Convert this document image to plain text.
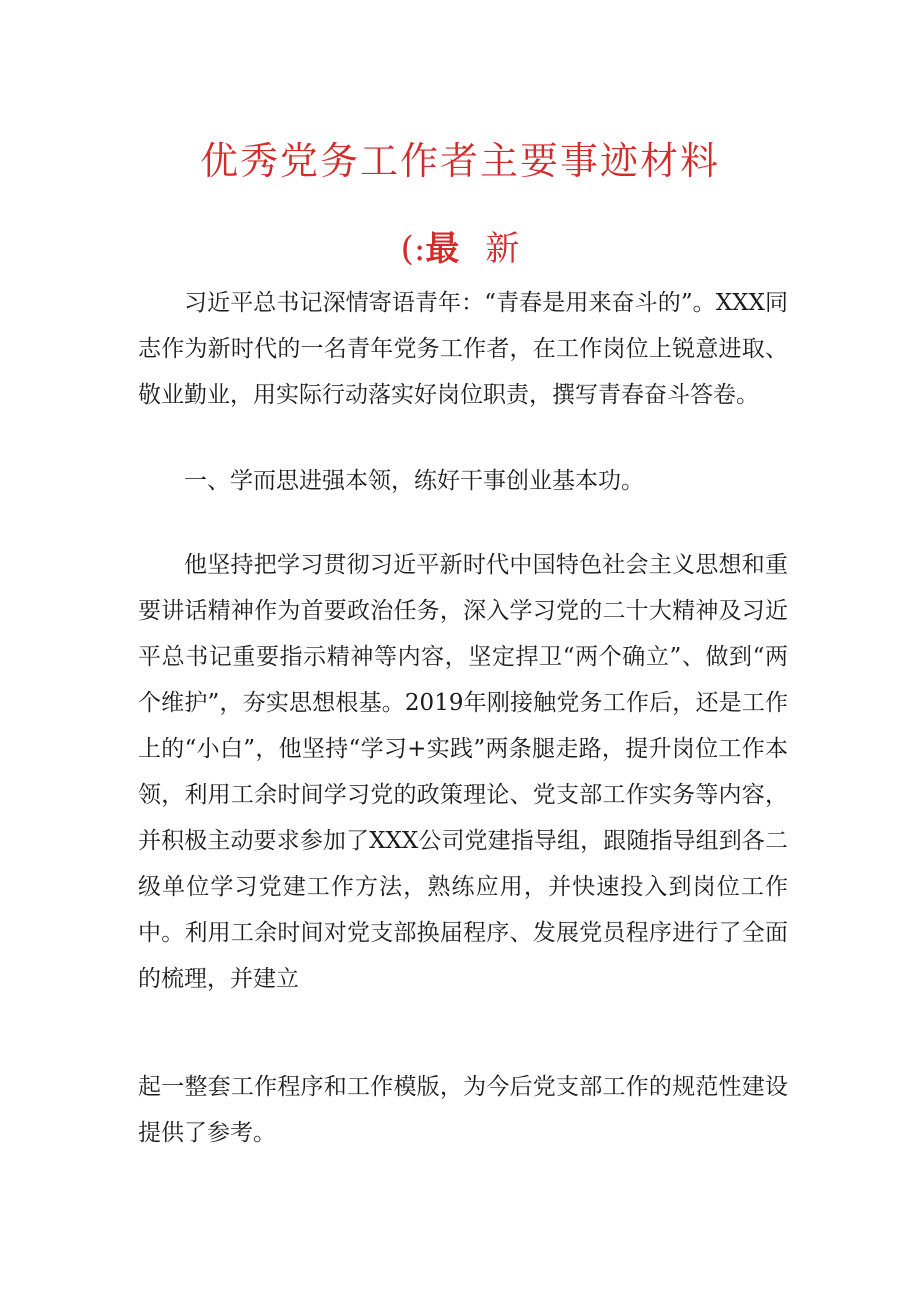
优秀党务工作者主要事迹材料
(:最 新

习近平总书记深情寄语青年：“青春是用来奋斗的”。XXX同志作为新时代的一名青年党务工作者，在工作岗位上锐意进取、敬业勤业，用实际行动落实好岗位职责，撰写青春奋斗答卷。

一、学而思进强本领，练好干事创业基本功。

他坚持把学习贯彻习近平新时代中国特色社会主义思想和重要讲话精神作为首要政治任务，深入学习党的二十大精神及习近平总书记重要指示精神等内容，坚定捍卫“两个确立”、做到“两个维护”，夯实思想根基。2019年刚接触党务工作后，还是工作上的“小白”，他坚持“学习+实践”两条腿走路，提升岗位工作本领，利用工余时间学习党的政策理论、党支部工作实务等内容，并积极主动要求参加了XXX公司党建指导组，跟随指导组到各二级单位学习党建工作方法，熟练应用，并快速投入到岗位工作中。利用工余时间对党支部换届程序、发展党员程序进行了全面的梳理，并建立

起一整套工作程序和工作模版，为今后党支部工作的规范性建设提供了参考。
